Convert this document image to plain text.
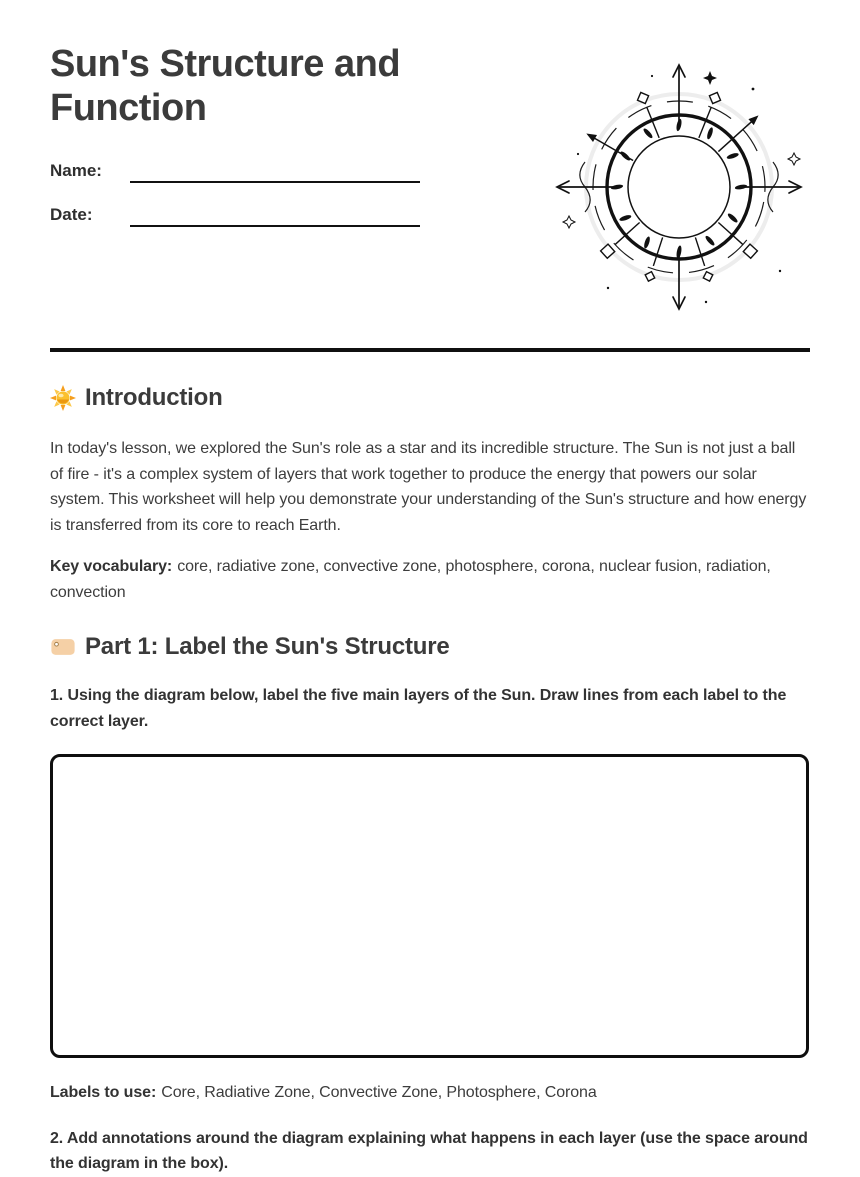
Sun's Structure and Function
Name:
Date:
Introduction

In today's lesson, we explored the Sun's role as a star and its incredible structure. The Sun is not just a ball of fire - it's a complex system of layers that work together to produce the energy that powers our solar system. This worksheet will help you demonstrate your understanding of the Sun's structure and how energy is transferred from its core to reach Earth.

Key vocabulary: core, radiative zone, convective zone, photosphere, corona, nuclear fusion, radiation, convection

Part 1: Label the Sun's Structure

1. Using the diagram below, label the five main layers of the Sun. Draw lines from each label to the correct layer.

Labels to use: Core, Radiative Zone, Convective Zone, Photosphere, Corona

2. Add annotations around the diagram explaining what happens in each layer (use the space around the diagram in the box).
